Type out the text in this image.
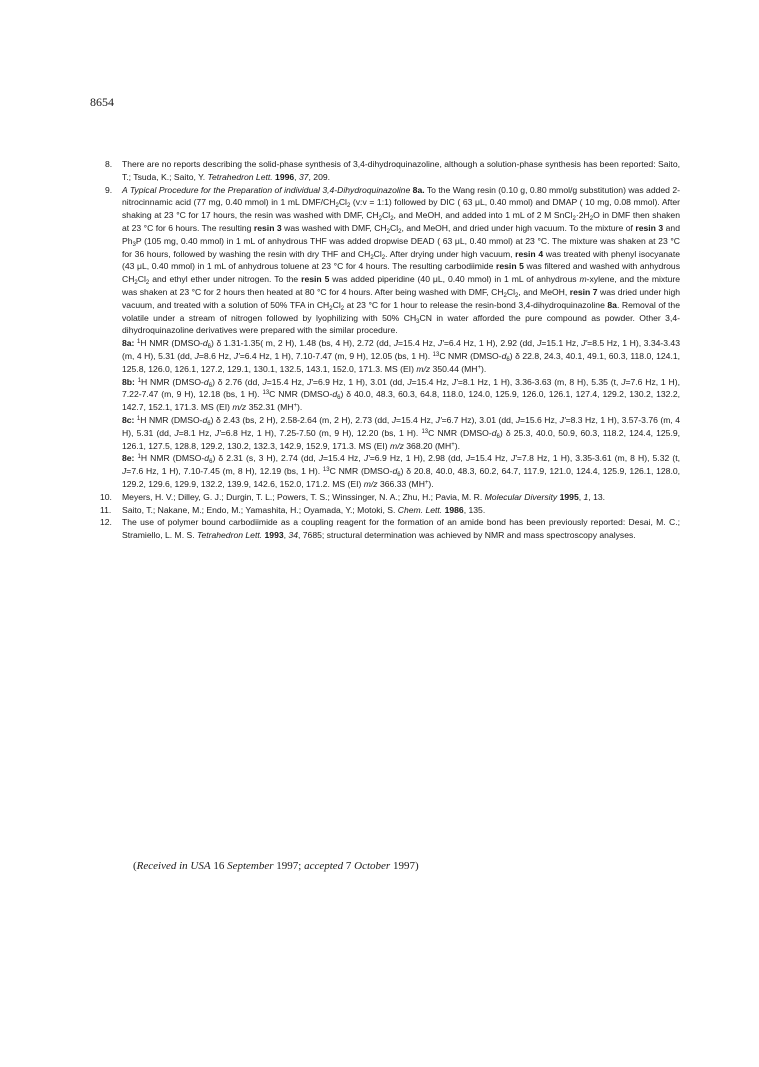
8654
8. There are no reports describing the solid-phase synthesis of 3,4-dihydroquinazoline, although a solution-phase synthesis has been reported: Saito, T.; Tsuda, K.; Saito, Y. Tetrahedron Lett. 1996, 37, 209.

9. A Typical Procedure for the Preparation of individual 3,4-Dihydroquinazoline 8a. To the Wang resin (0.10 g, 0.80 mmol/g substitution) was added 2-nitrocinnamic acid (77 mg, 0.40 mmol) in 1 mL DMF/$CH_2Cl_2$ (v:v = 1:1) followed by DIC ( 63 μL, 0.40 mmol) and DMAP ( 10 mg, 0.08 mmol). After shaking at 23 °C for 17 hours, the resin was washed with DMF, $CH_2Cl_2$, and MeOH, and added into 1 mL of 2 M $SnCl_2\cdot 2H_2O$ in DMF then shaken at 23 °C for 6 hours. The resulting resin 3 was washed with DMF, $CH_2Cl_2$, and MeOH, and dried under high vacuum. To the mixture of resin 3 and $Ph_3P$ (105 mg, 0.40 mmol) in 1 mL of anhydrous THF was added dropwise DEAD ( 63 μL, 0.40 mmol) at 23 °C. The mixture was shaken at 23 °C for 36 hours, followed by washing the resin with dry THF and $CH_2Cl_2$. After drying under high vacuum, resin 4 was treated with phenyl isocyanate (43 μL, 0.40 mmol) in 1 mL of anhydrous toluene at 23 °C for 4 hours. The resulting carbodiimide resin 5 was filtered and washed with anhydrous $CH_2Cl_2$ and ethyl ether under nitrogen. To the resin 5 was added piperidine (40 μL, 0.40 mmol) in 1 mL of anhydrous m-xylene, and the mixture was shaken at 23 °C for 2 hours then heated at 80 °C for 4 hours. After being washed with DMF, $CH_2Cl_2$, and MeOH, resin 7 was dried under high vacuum, and treated with a solution of 50% TFA in $CH_2Cl_2$ at 23 °C for 1 hour to release the resin-bond 3,4-dihydroquinazoline 8a. Removal of the volatile under a stream of nitrogen followed by lyophilizing with 50% $CH_3CN$ in water afforded the pure compound as powder. Other 3,4-dihydroquinazoline derivatives were prepared with the similar procedure.

8a: $^1$H NMR $(DMSO-d_6)$ δ 1.31-1.35( m, 2 H), 1.48 (bs, 4 H), 2.72 (dd, J=15.4 Hz, J'=6.4 Hz, 1 H), 2.92 (dd, J=15.1 Hz, J'=8.5 Hz, 1 H), 3.34-3.43 (m, 4 H), 5.31 (dd, J=8.6 Hz, J'=6.4 Hz, 1 H), 7.10-7.47 (m, 9 H), 12.05 (bs, 1 H). $^{13}$C NMR $(DMSO-d_6)$ δ 22.8, 24.3, 40.1, 49.1, 60.3, 118.0, 124.1, 125.8, 126.0, 126.1, 127.2, 129.1, 130.1, 132.5, 143.1, 152.0, 171.3. MS (EI) m/z 350.44 (MH+).

8b: $^1$H NMR $(DMSO-d_6)$ δ 2.76 (dd, J=15.4 Hz, J'=6.9 Hz, 1 H), 3.01 (dd, J=15.4 Hz, J'=8.1 Hz, 1 H), 3.36-3.63 (m, 8 H), 5.35 (t, J=7.6 Hz, 1 H), 7.22-7.47 (m, 9 H), 12.18 (bs, 1 H). $^{13}$C NMR $(DMSO-d_6)$ δ 40.0, 48.3, 60.3, 64.8, 118.0, 124.0, 125.9, 126.0, 126.1, 127.4, 129.2, 130.2, 132.2, 142.7, 152.1, 171.3. MS (EI) m/z 352.31 (MH+).

8c: $^1$H NMR $(DMSO-d_6)$ δ 2.43 (bs, 2 H), 2.58-2.64 (m, 2 H), 2.73 (dd, J=15.4 Hz, J'=6.7 Hz), 3.01 (dd, J=15.6 Hz, J'=8.3 Hz, 1 H), 3.57-3.76 (m, 4 H), 5.31 (dd, J=8.1 Hz, J'=6.8 Hz, 1 H), 7.25-7.50 (m, 9 H), 12.20 (bs, 1 H). $^{13}$C NMR $(DMSO-d_6)$ δ 25.3, 40.0, 50.9, 60.3, 118.2, 124.4, 125.9, 126.1, 127.5, 128.8, 129.2, 130.2, 132.3, 142.9, 152.9, 171.3. MS (EI) m/z 368.20 (MH+).

8e: $^1$H NMR $(DMSO-d_6)$ δ 2.31 (s, 3 H), 2.74 (dd, J=15.4 Hz, J'=6.9 Hz, 1 H), 2.98 (dd, J=15.4 Hz, J'=7.8 Hz, 1 H), 3.35-3.61 (m, 8 H), 5.32 (t, J=7.6 Hz, 1 H), 7.10-7.45 (m, 8 H), 12.19 (bs, 1 H). $^{13}$C NMR $(DMSO-d_6)$ δ 20.8, 40.0, 48.3, 60.2, 64.7, 117.9, 121.0, 124.4, 125.9, 126.1, 128.0, 129.2, 129.6, 129.9, 132.2, 139.9, 142.6, 152.0, 171.2. MS (EI) m/z 366.33 (MH+).

10. Meyers, H. V.; Dilley, G. J.; Durgin, T. L.; Powers, T. S.; Winssinger, N. A.; Zhu, H.; Pavia, M. R. Molecular Diversity 1995, 1, 13.

11. Saito, T.; Nakane, M.; Endo, M.; Yamashita, H.; Oyamada, Y.; Motoki, S. Chem. Lett. 1986, 135.

12. The use of polymer bound carbodiimide as a coupling reagent for the formation of an amide bond has been previously reported: Desai, M. C.; Stramiello, L. M. S. Tetrahedron Lett. 1993, 34, 7685; structural determination was achieved by NMR and mass spectroscopy analyses.

(Received in USA 16 September 1997; accepted 7 October 1997)
